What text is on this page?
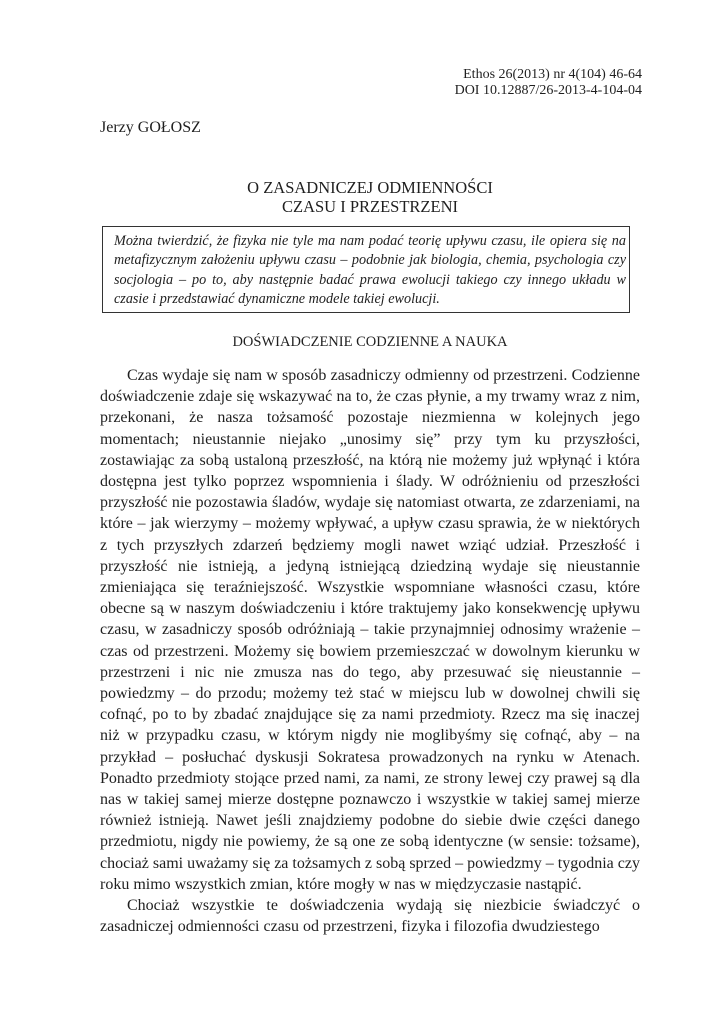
Ethos 26(2013) nr 4(104) 46-64
DOI 10.12887/26-2013-4-104-04
Jerzy GOŁOSZ
O ZASADNICZEJ ODMIENNOŚCI
CZASU I PRZESTRZENI

Można twierdzić, że fizyka nie tyle ma nam podać teorię upływu czasu, ile opiera się na metafizycznym założeniu upływu czasu – podobnie jak biologia, chemia, psychologia czy socjologia – po to, aby następnie badać prawa ewolucji takiego czy innego układu w czasie i przedstawiać dynamiczne modele takiej ewolucji.

DOŚWIADCZENIE CODZIENNE A NAUKA

Czas wydaje się nam w sposób zasadniczy odmienny od przestrzeni. Codzienne doświadczenie zdaje się wskazywać na to, że czas płynie, a my trwamy wraz z nim, przekonani, że nasza tożsamość pozostaje niezmienna w kolejnych jego momentach; nieustannie niejako „unosimy się” przy tym ku przyszłości, zostawiając za sobą ustaloną przeszłość, na którą nie możemy już wpłynąć i która dostępna jest tylko poprzez wspomnienia i ślady. W odróżnieniu od przeszłości przyszłość nie pozostawia śladów, wydaje się natomiast otwarta, ze zdarzeniami, na które – jak wierzymy – możemy wpływać, a upływ czasu sprawia, że w niektórych z tych przyszłych zdarzeń będziemy mogli nawet wziąć udział. Przeszłość i przyszłość nie istnieją, a jedyną istniejącą dziedziną wydaje się nieustannie zmieniająca się teraźniejszość. Wszystkie wspomniane własności czasu, które obecne są w naszym doświadczeniu i które traktujemy jako konsekwencję upływu czasu, w zasadniczy sposób odróżniają – takie przynajmniej odnosimy wrażenie – czas od przestrzeni. Możemy się bowiem przemieszczać w dowolnym kierunku w przestrzeni i nic nie zmusza nas do tego, aby przesuwać się nieustannie – powiedzmy – do przodu; możemy też stać w miejscu lub w dowolnej chwili się cofnąć, po to by zbadać znajdujące się za nami przedmioty. Rzecz ma się inaczej niż w przypadku czasu, w którym nigdy nie moglibyśmy się cofnąć, aby – na przykład – posłuchać dyskusji Sokratesa prowadzonych na rynku w Atenach. Ponadto przedmioty stojące przed nami, za nami, ze strony lewej czy prawej są dla nas w takiej samej mierze dostępne poznawczo i wszystkie w takiej samej mierze również istnieją. Nawet jeśli znajdziemy podobne do siebie dwie części danego przedmiotu, nigdy nie powiemy, że są one ze sobą identyczne (w sensie: tożsame), chociaż sami uważamy się za tożsamych z sobą sprzed – powiedzmy – tygodnia czy roku mimo wszystkich zmian, które mogły w nas w międzyczasie nastąpić.

Chociaż wszystkie te doświadczenia wydają się niezbicie świadczyć o zasadniczej odmienności czasu od przestrzeni, fizyka i filozofia dwudziestego
